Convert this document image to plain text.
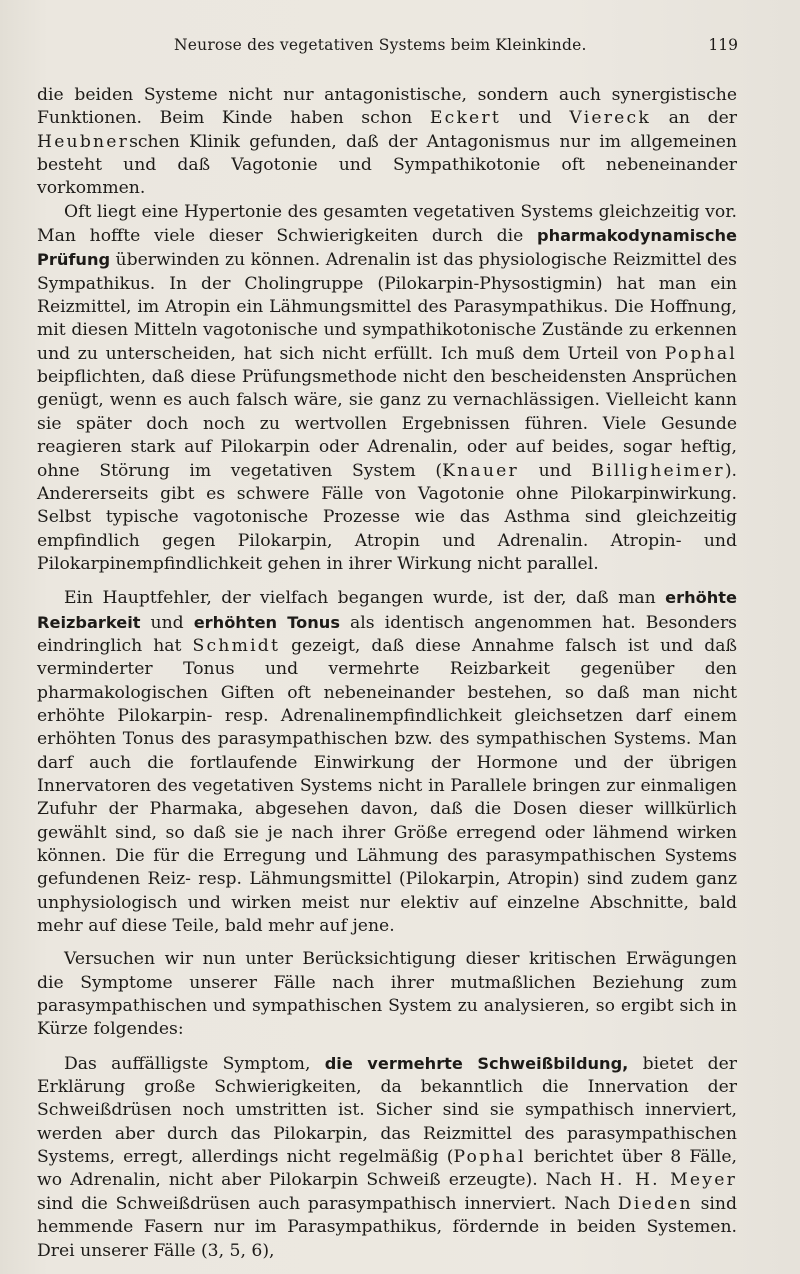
Neurose des vegetativen Systems beim Kleinkinde.	119

die beiden Systeme nicht nur antagonistische, sondern auch synergistische Funktionen. Beim Kinde haben schon Eckert und Viereck an der Heubnerschen Klinik gefunden, daß der Antagonismus nur im allgemeinen besteht und daß Vagotonie und Sympathikotonie oft nebeneinander vorkommen.

Oft liegt eine Hypertonie des gesamten vegetativen Systems gleichzeitig vor. Man hoffte viele dieser Schwierigkeiten durch die pharmakodynamische Prüfung überwinden zu können. Adrenalin ist das physiologische Reizmittel des Sympathikus. In der Cholingruppe (Pilokarpin-Physostigmin) hat man ein Reizmittel, im Atropin ein Lähmungsmittel des Parasympathikus. Die Hoffnung, mit diesen Mitteln vagotonische und sympathikotonische Zustände zu erkennen und zu unterscheiden, hat sich nicht erfüllt. Ich muß dem Urteil von Pophal beipflichten, daß diese Prüfungsmethode nicht den bescheidensten Ansprüchen genügt, wenn es auch falsch wäre, sie ganz zu vernachlässigen. Vielleicht kann sie später doch noch zu wertvollen Ergebnissen führen. Viele Gesunde reagieren stark auf Pilokarpin oder Adrenalin, oder auf beides, sogar heftig, ohne Störung im vegetativen System (Knauer und Billigheimer). Andererseits gibt es schwere Fälle von Vagotonie ohne Pilokarpinwirkung. Selbst typische vagotonische Prozesse wie das Asthma sind gleichzeitig empfindlich gegen Pilokarpin, Atropin und Adrenalin. Atropin- und Pilokarpinempfindlichkeit gehen in ihrer Wirkung nicht parallel.

Ein Hauptfehler, der vielfach begangen wurde, ist der, daß man erhöhte Reizbarkeit und erhöhten Tonus als identisch angenommen hat. Besonders eindringlich hat Schmidt gezeigt, daß diese Annahme falsch ist und daß verminderter Tonus und vermehrte Reizbarkeit gegenüber den pharmakologischen Giften oft nebeneinander bestehen, so daß man nicht erhöhte Pilokarpin- resp. Adrenalinempfindlichkeit gleichsetzen darf einem erhöhten Tonus des parasympathischen bzw. des sympathischen Systems. Man darf auch die fortlaufende Einwirkung der Hormone und der übrigen Innervatoren des vegetativen Systems nicht in Parallele bringen zur einmaligen Zufuhr der Pharmaka, abgesehen davon, daß die Dosen dieser willkürlich gewählt sind, so daß sie je nach ihrer Größe erregend oder lähmend wirken können. Die für die Erregung und Lähmung des parasympathischen Systems gefundenen Reiz- resp. Lähmungsmittel (Pilokarpin, Atropin) sind zudem ganz unphysiologisch und wirken meist nur elektiv auf einzelne Abschnitte, bald mehr auf diese Teile, bald mehr auf jene.

Versuchen wir nun unter Berücksichtigung dieser kritischen Erwägungen die Symptome unserer Fälle nach ihrer mutmaßlichen Beziehung zum parasympathischen und sympathischen System zu analysieren, so ergibt sich in Kürze folgendes:

Das auffälligste Symptom, die vermehrte Schweißbildung, bietet der Erklärung große Schwierigkeiten, da bekanntlich die Innervation der Schweißdrüsen noch umstritten ist. Sicher sind sie sympathisch innerviert, werden aber durch das Pilokarpin, das Reizmittel des parasympathischen Systems, erregt, allerdings nicht regelmäßig (Pophal berichtet über 8 Fälle, wo Adrenalin, nicht aber Pilokarpin Schweiß erzeugte). Nach H. H. Meyer sind die Schweißdrüsen auch parasympathisch innerviert. Nach Dieden sind hemmende Fasern nur im Parasympathikus, fördernde in beiden Systemen. Drei unserer Fälle (3, 5, 6),
